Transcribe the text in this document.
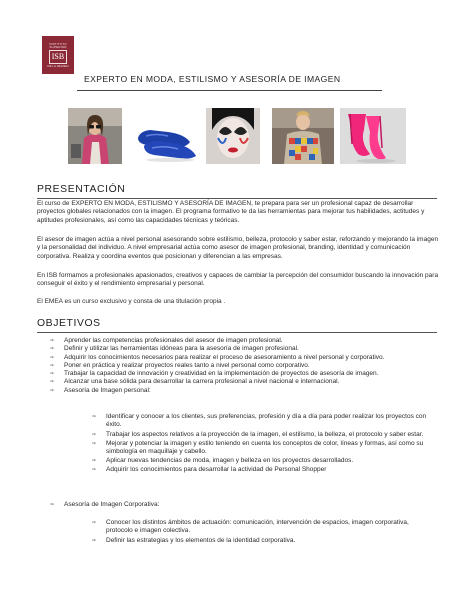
INSTITUTO SUPERIOR
ISB
DE LA IMAGEN
EXPERTO EN MODA, ESTILISMO Y ASESORÍA DE IMAGEN
PRESENTACIÓN

El curso de EXPERTO EN MODA, ESTILISMO Y ASESORÍA DE IMAGEN, te prepara para ser un profesional capaz de desarrollar proyectos globales relacionados con la imagen. El programa formativo te da las herramientas para mejorar tus habilidades, actitudes y aptitudes profesionales, así como las capacidades técnicas y teóricas.

El asesor de imagen actúa a nivel personal asesorando sobre estilismo, belleza, protocolo y saber estar, reforzando y mejorando la imagen y la personalidad del individuo. A nivel empresarial actúa como asesor de imagen profesional, branding, identidad y comunicación corporativa. Realiza y coordina eventos que posicionan y diferencian a las empresas.

En ISB formamos a profesionales apasionados, creativos y capaces de cambiar la percepción del consumidor buscando la innovación para conseguir el éxito y el rendimiento empresarial y personal.

El EMEA es un curso exclusivo y consta de una titulación propia .

OBJETIVOS
✑ Aprender las competencias profesionales del asesor de imagen profesional.
✑ Definir y utilizar las herramientas idóneas para la asesoría de imagen profesional.
✑ Adquirir los conocimientos necesarios para realizar el proceso de asesoramiento a nivel personal y corporativo.
✑ Poner en práctica y realizar proyectos reales tanto a nivel personal como corporativo.
✑ Trabajar la capacidad de innovación y creatividad en la implementación de proyectos de asesoría de imagen.
✑ Alcanzar una base sólida para desarrollar la carrera profesional a nivel nacional e internacional.
✑ Asesoría de Imagen personal:
✑ Identificar y conocer a los clientes, sus preferencias, profesión y día a día para poder realizar los proyectos con éxito.
✑ Trabajar los aspectos relativos a la proyección de la imagen, el estilismo, la belleza, el protocolo y saber estar.
✑ Mejorar y potenciar la imagen y estilo teniendo en cuenta los conceptos de color, líneas y formas, así como su simbología en maquillaje y cabello.
✑ Aplicar nuevas tendencias de moda, imagen y belleza en los proyectos desarrollados.
✑ Adquirir los conocimientos para desarrollar la actividad de Personal Shopper
✑ Asesoría de Imagen Corporativa:
✑ Conocer los distintos ámbitos de actuación: comunicación, intervención de espacios, imagen corporativa, protocolo e imagen colectiva.
✑ Definir las estrategias y los elementos de la identidad corporativa.
